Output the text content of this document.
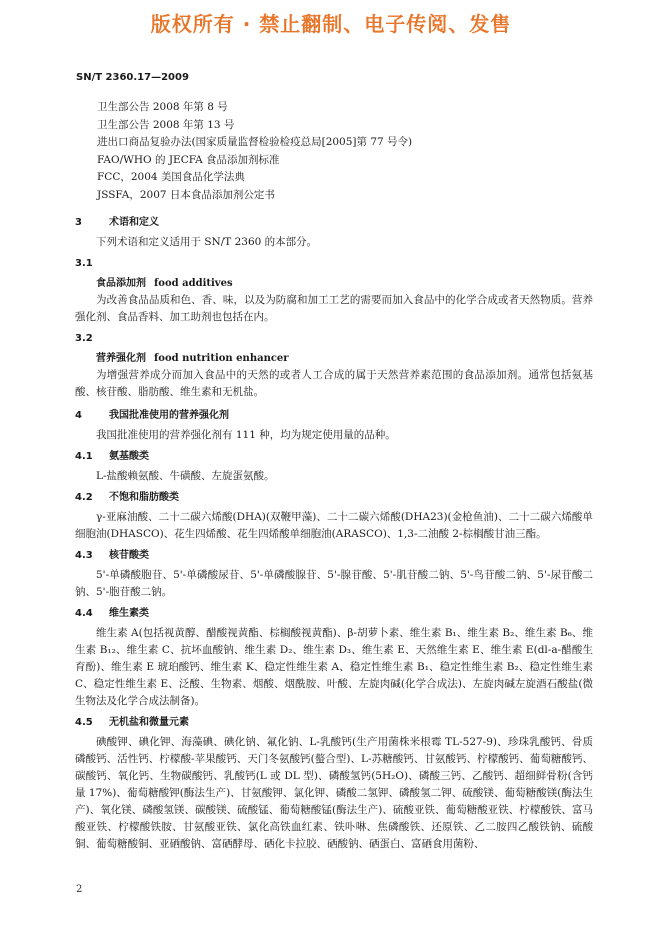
版权所有 · 禁止翻制、电子传阅、发售
SN/T 2360.17—2009
卫生部公告 2008 年第 8 号
卫生部公告 2008 年第 13 号
进出口商品复验办法(国家质量监督检验检疫总局[2005]第 77 号令)
FAO/WHO 的 JECFA 食品添加剂标准
FCC，2004 美国食品化学法典
JSSFA，2007 日本食品添加剂公定书
3	术语和定义
下列术语和定义适用于 SN/T 2360 的本部分。
3.1
食品添加剂 food additives
为改善食品品质和色、香、味，以及为防腐和加工工艺的需要而加入食品中的化学合成或者天然物质。营养强化剂、食品香料、加工助剂也包括在内。
3.2
营养强化剂 food nutrition enhancer
为增强营养成分而加入食品中的天然的或者人工合成的属于天然营养素范围的食品添加剂。通常包括氨基酸、核苷酸、脂肪酸、维生素和无机盐。
4	我国批准使用的营养强化剂
我国批准使用的营养强化剂有 111 种，均为规定使用量的品种。
4.1 氨基酸类
L-盐酸赖氨酸、牛磺酸、左旋蛋氨酸。
4.2 不饱和脂肪酸类
γ-亚麻油酸、二十二碳六烯酸(DHA)(双鞭甲藻)、二十二碳六烯酸(DHA23)(金枪鱼油)、二十二碳六烯酸单细胞油(DHASCO)、花生四烯酸、花生四烯酸单细胞油(ARASCO)、1,3-二油酸 2-棕榈酸甘油三酯。
4.3 核苷酸类
5'-单磷酸胞苷、5'-单磷酸尿苷、5'-单磷酸腺苷、5'-腺苷酸、5'-肌苷酸二钠、5'-鸟苷酸二钠、5'-尿苷酸二钠、5'-胞苷酸二钠。
4.4 维生素类
维生素 A(包括视黄醇、醋酸视黄酯、棕榈酸视黄酯)、β-胡萝卜素、维生素 B₁、维生素 B₂、维生素 B₆、维生素 B₁₂、维生素 C、抗坏血酸钠、维生素 D₂、维生素 D₃、维生素 E、天然维生素 E、维生素 E(dl-a-醋酸生育酚)、维生素 E 琥珀酸钙、维生素 K、稳定性维生素 A、稳定性维生素 B₁、稳定性维生素 B₂、稳定性维生素 C、稳定性维生素 E、泛酸、生物素、烟酸、烟酰胺、叶酸、左旋肉碱(化学合成法)、左旋肉碱左旋酒石酸盐(微生物法及化学合成法制备)。
4.5 无机盐和微量元素
碘酸钾、碘化钾、海藻碘、碘化钠、氟化钠、L-乳酸钙(生产用菌株米根霉 TL-527-9)、珍珠乳酸钙、骨质磷酸钙、活性钙、柠檬酸-苹果酸钙、天门冬氨酸钙(螯合型)、L-苏糖酸钙、甘氨酸钙、柠檬酸钙、葡萄糖酸钙、碳酸钙、氧化钙、生物碳酸钙、乳酸钙(L 或 DL 型)、磷酸氢钙(5H₂O)、磷酸三钙、乙酸钙、超细鲜骨粉(含钙量 17%)、葡萄糖酸钾(酶法生产)、甘氨酸钾、氯化钾、磷酸二氢钾、磷酸氢二钾、硫酸镁、葡萄糖酸镁(酶法生产)、氧化镁、磷酸氢镁、碳酸镁、硫酸锰、葡萄糖酸锰(酶法生产)、硫酸亚铁、葡萄糖酸亚铁、柠檬酸铁、富马酸亚铁、柠檬酸铁胺、甘氨酸亚铁、氯化高铁血红素、铁卟啉、焦磷酸铁、还原铁、乙二胺四乙酸铁钠、硫酸铜、葡萄糖酸铜、亚硒酸钠、富硒酵母、硒化卡拉胶、硒酸钠、硒蛋白、富硒食用菌粉、
2
